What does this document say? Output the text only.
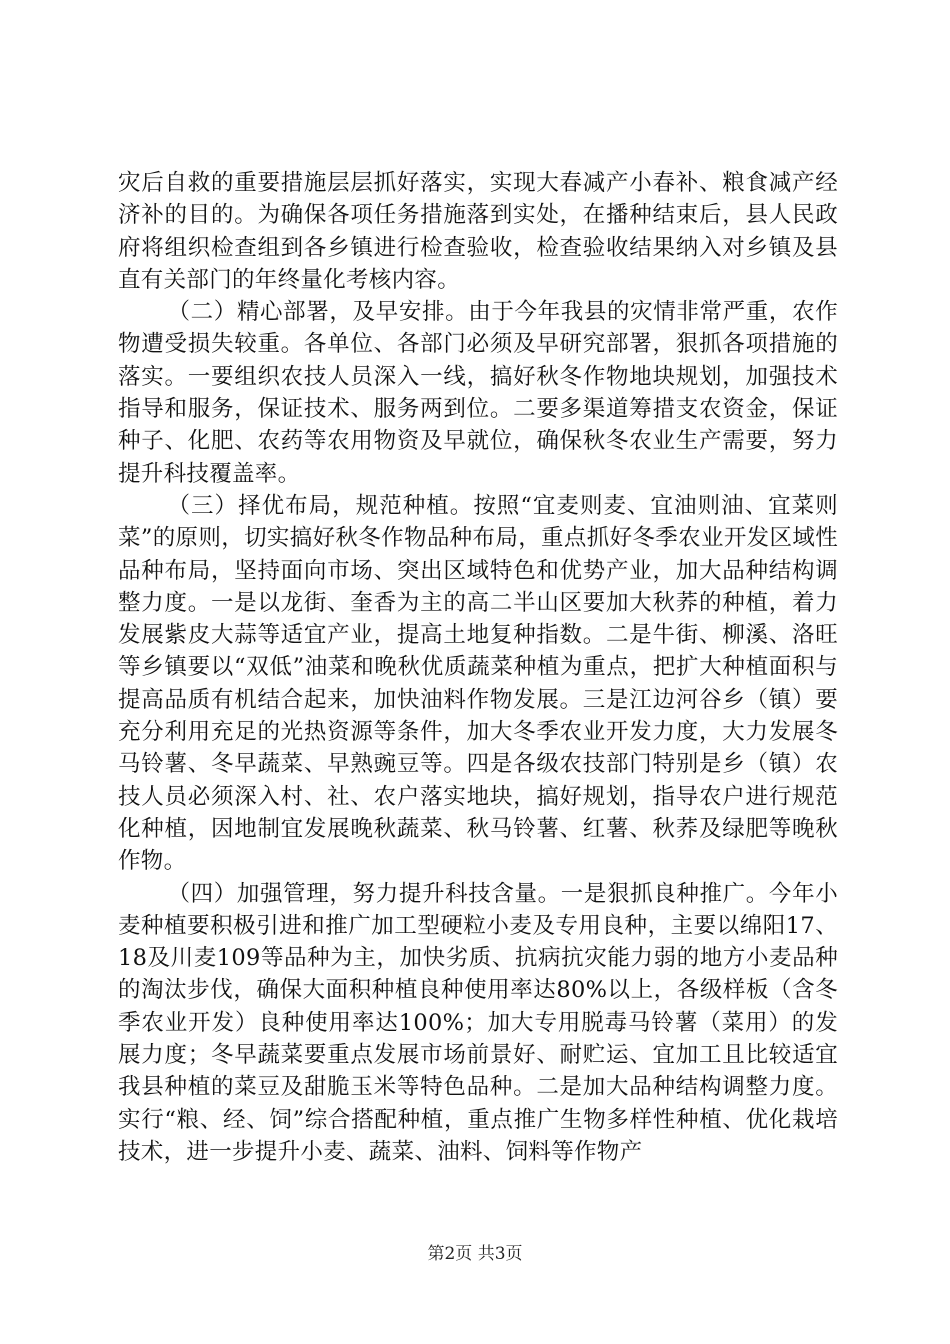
灾后自救的重要措施层层抓好落实，实现大春减产小春补、粮食减产经济补的目的。为确保各项任务措施落到实处，在播种结束后，县人民政府将组织检查组到各乡镇进行检查验收，检查验收结果纳入对乡镇及县直有关部门的年终量化考核内容。

（二）精心部署，及早安排。由于今年我县的灾情非常严重，农作物遭受损失较重。各单位、各部门必须及早研究部署，狠抓各项措施的落实。一要组织农技人员深入一线，搞好秋冬作物地块规划，加强技术指导和服务，保证技术、服务两到位。二要多渠道筹措支农资金，保证种子、化肥、农药等农用物资及早就位，确保秋冬农业生产需要，努力提升科技覆盖率。

（三）择优布局，规范种植。按照“宜麦则麦、宜油则油、宜菜则菜”的原则，切实搞好秋冬作物品种布局，重点抓好冬季农业开发区域性品种布局，坚持面向市场、突出区域特色和优势产业，加大品种结构调整力度。一是以龙街、奎香为主的高二半山区要加大秋荞的种植，着力发展紫皮大蒜等适宜产业，提高土地复种指数。二是牛街、柳溪、洛旺等乡镇要以“双低”油菜和晚秋优质蔬菜种植为重点，把扩大种植面积与提高品质有机结合起来，加快油料作物发展。三是江边河谷乡（镇）要充分利用充足的光热资源等条件，加大冬季农业开发力度，大力发展冬马铃薯、冬早蔬菜、早熟豌豆等。四是各级农技部门特别是乡（镇）农技人员必须深入村、社、农户落实地块，搞好规划，指导农户进行规范化种植，因地制宜发展晚秋蔬菜、秋马铃薯、红薯、秋荞及绿肥等晚秋作物。

（四）加强管理，努力提升科技含量。一是狠抓良种推广。今年小麦种植要积极引进和推广加工型硬粒小麦及专用良种，主要以绵阳17、18及川麦109等品种为主，加快劣质、抗病抗灾能力弱的地方小麦品种的淘汰步伐，确保大面积种植良种使用率达80%以上，各级样板（含冬季农业开发）良种使用率达100%；加大专用脱毒马铃薯（菜用）的发展力度；冬早蔬菜要重点发展市场前景好、耐贮运、宜加工且比较适宜我县种植的菜豆及甜脆玉米等特色品种。二是加大品种结构调整力度。实行“粮、经、饲”综合搭配种植，重点推广生物多样性种植、优化栽培技术，进一步提升小麦、蔬菜、油料、饲料等作物产

第2页 共3页
